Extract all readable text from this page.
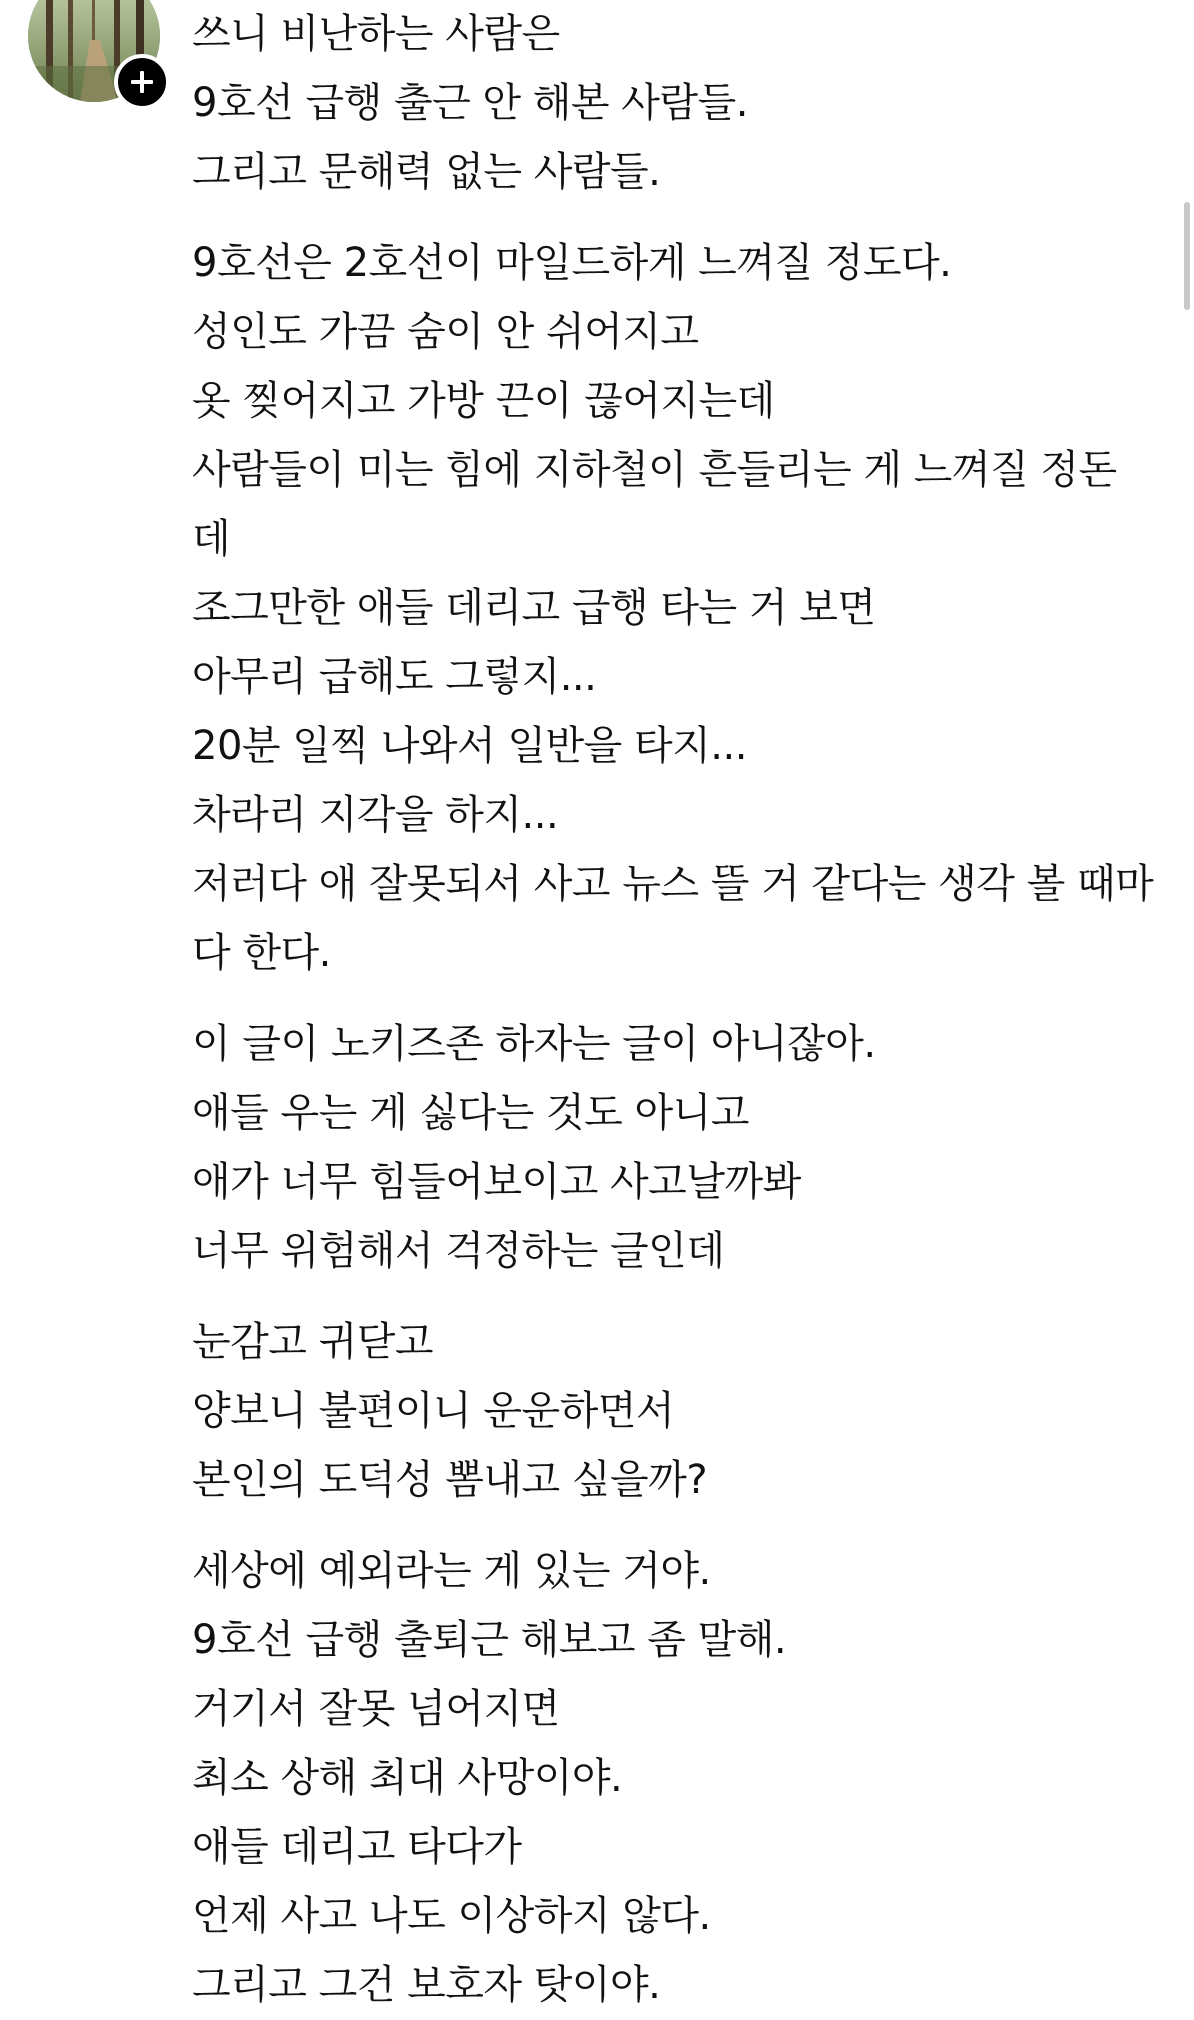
쓰니 비난하는 사람은
9호선 급행 출근 안 해본 사람들.
그리고 문해력 없는 사람들.
9호선은 2호선이 마일드하게 느껴질 정도다.
성인도 가끔 숨이 안 쉬어지고
옷 찢어지고 가방 끈이 끊어지는데
사람들이 미는 힘에 지하철이 흔들리는 게 느껴질 정돈
데
조그만한 애들 데리고 급행 타는 거 보면
아무리 급해도 그렇지...
20분 일찍 나와서 일반을 타지...
차라리 지각을 하지...
저러다 애 잘못되서 사고 뉴스 뜰 거 같다는 생각 볼 때마
다 한다.
이 글이 노키즈존 하자는 글이 아니잖아.
애들 우는 게 싫다는 것도 아니고
애가 너무 힘들어보이고 사고날까봐
너무 위험해서 걱정하는 글인데
눈감고 귀닫고
양보니 불편이니 운운하면서
본인의 도덕성 뽐내고 싶을까?
세상에 예외라는 게 있는 거야.
9호선 급행 출퇴근 해보고 좀 말해.
거기서 잘못 넘어지면
최소 상해 최대 사망이야.
애들 데리고 타다가
언제 사고 나도 이상하지 않다.
그리고 그건 보호자 탓이야.
